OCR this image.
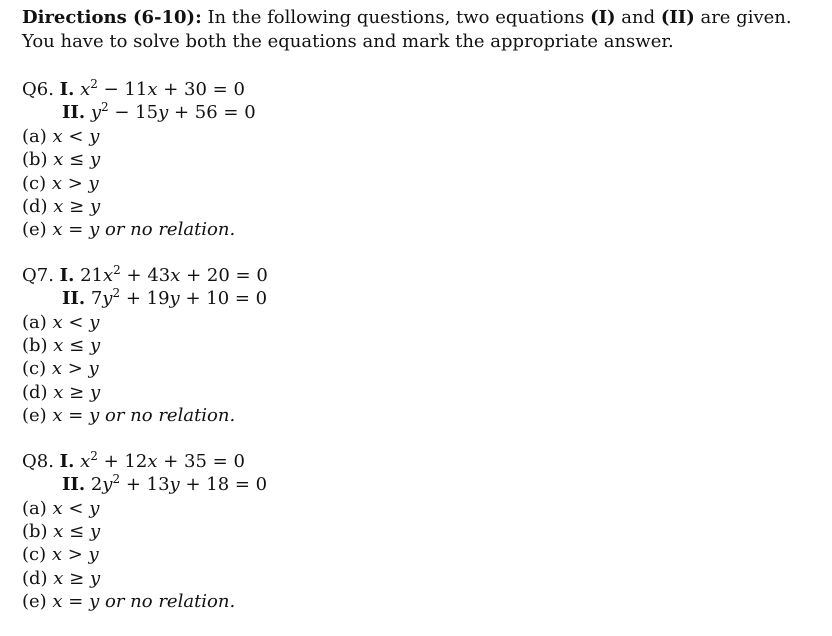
Directions (6-10): In the following questions, two equations (I) and (II) are given. You have to solve both the equations and mark the appropriate answer.

Q6. I. $x^2 - 11x + 30 = 0$
II. $y^2 - 15y + 56 = 0$
(a) x < y
(b) x ≤ y
(c) x > y
(d) x ≥ y
(e) x = y or no relation.
Q7. I. $21x^2 + 43x + 20 = 0$
II. $7y^2 + 19y + 10 = 0$
(a) x < y
(b) x ≤ y
(c) x > y
(d) x ≥ y
(e) x = y or no relation.
Q8. I. $x^2 + 12x + 35 = 0$
II. $2y^2 + 13y + 18 = 0$
(a) x < y
(b) x ≤ y
(c) x > y
(d) x ≥ y
(e) x = y or no relation.
